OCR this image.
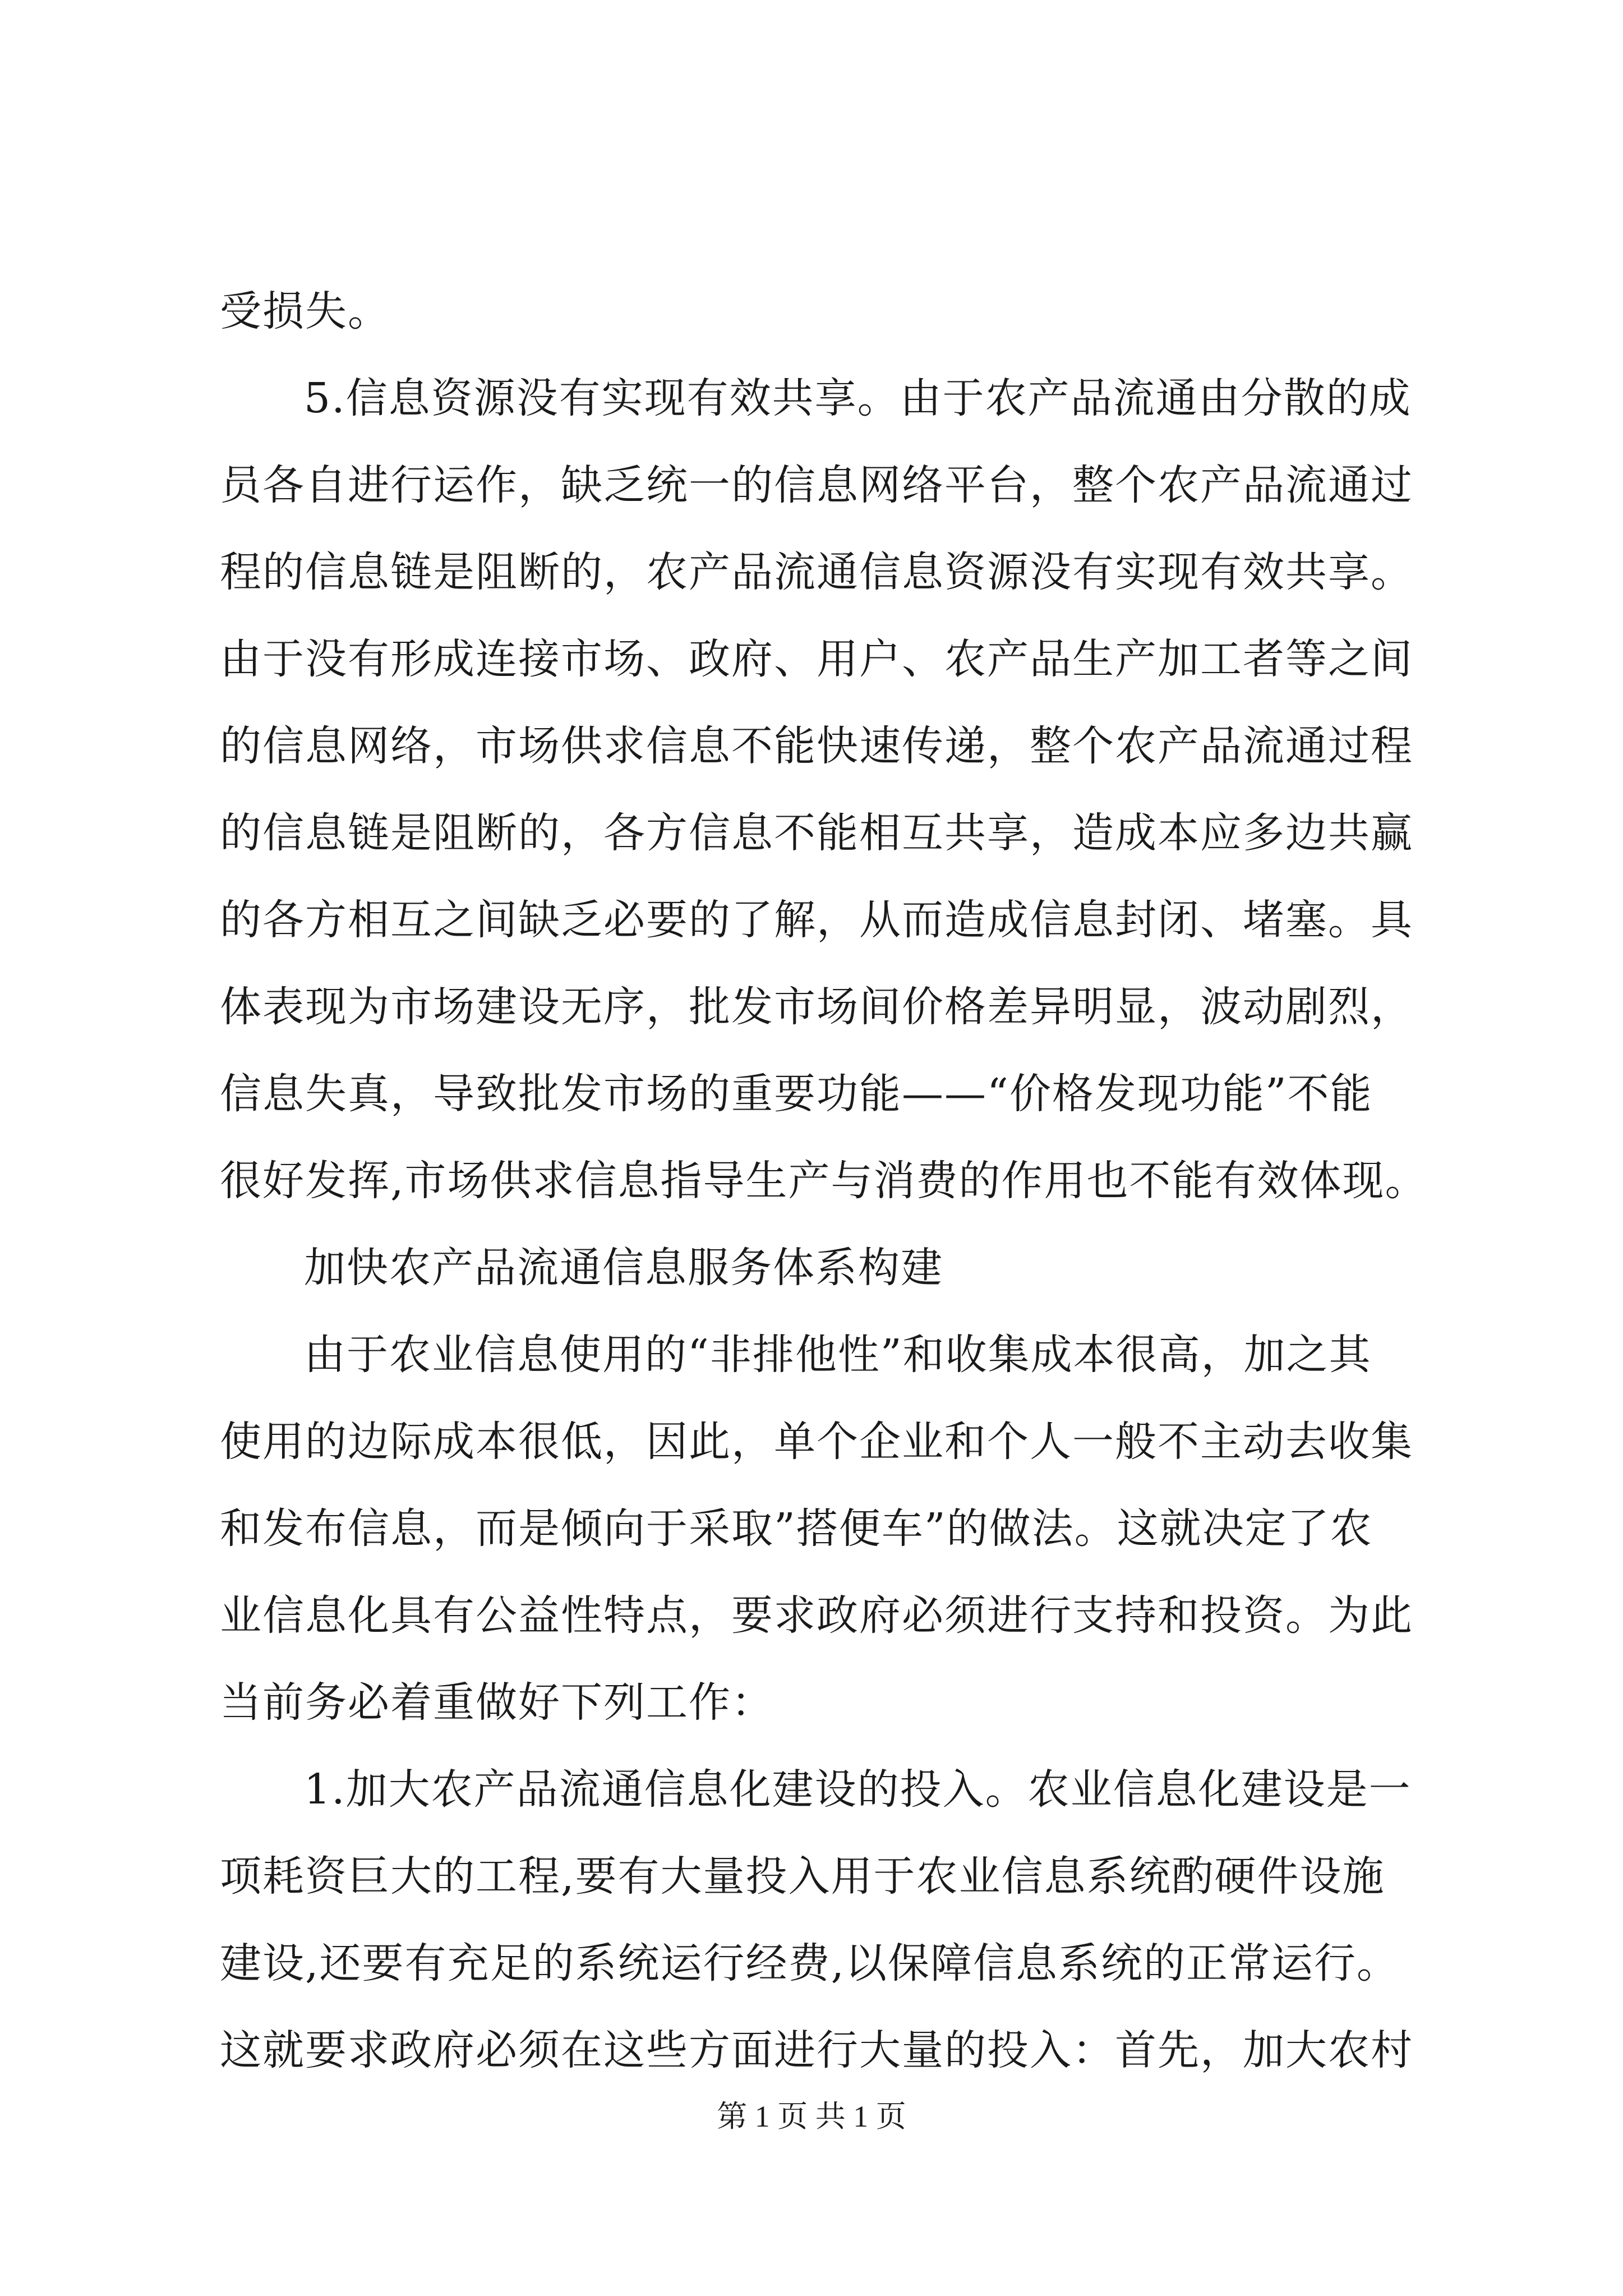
受损失。
5.信息资源没有实现有效共享。由于农产品流通由分散的成
员各自进行运作，缺乏统一的信息网络平台，整个农产品流通过
程的信息链是阻断的，农产品流通信息资源没有实现有效共享。
由于没有形成连接市场、政府、用户、农产品生产加工者等之间
的信息网络，市场供求信息不能快速传递，整个农产品流通过程
的信息链是阻断的，各方信息不能相互共享，造成本应多边共赢
的各方相互之间缺乏必要的了解，从而造成信息封闭、堵塞。具
体表现为市场建设无序，批发市场间价格差异明显，波动剧烈，
信息失真，导致批发市场的重要功能——“价格发现功能”不能
很好发挥,市场供求信息指导生产与消费的作用也不能有效体现。
加快农产品流通信息服务体系构建
由于农业信息使用的“非排他性”和收集成本很高，加之其
使用的边际成本很低，因此，单个企业和个人一般不主动去收集
和发布信息，而是倾向于采取”搭便车”的做法。这就决定了农
业信息化具有公益性特点，要求政府必须进行支持和投资。为此
当前务必着重做好下列工作：
1.加大农产品流通信息化建设的投入。农业信息化建设是一
项耗资巨大的工程,要有大量投入用于农业信息系统酌硬件设施
建设,还要有充足的系统运行经费,以保障信息系统的正常运行。
这就要求政府必须在这些方面进行大量的投入：首先，加大农村
第 1 页 共 1 页
